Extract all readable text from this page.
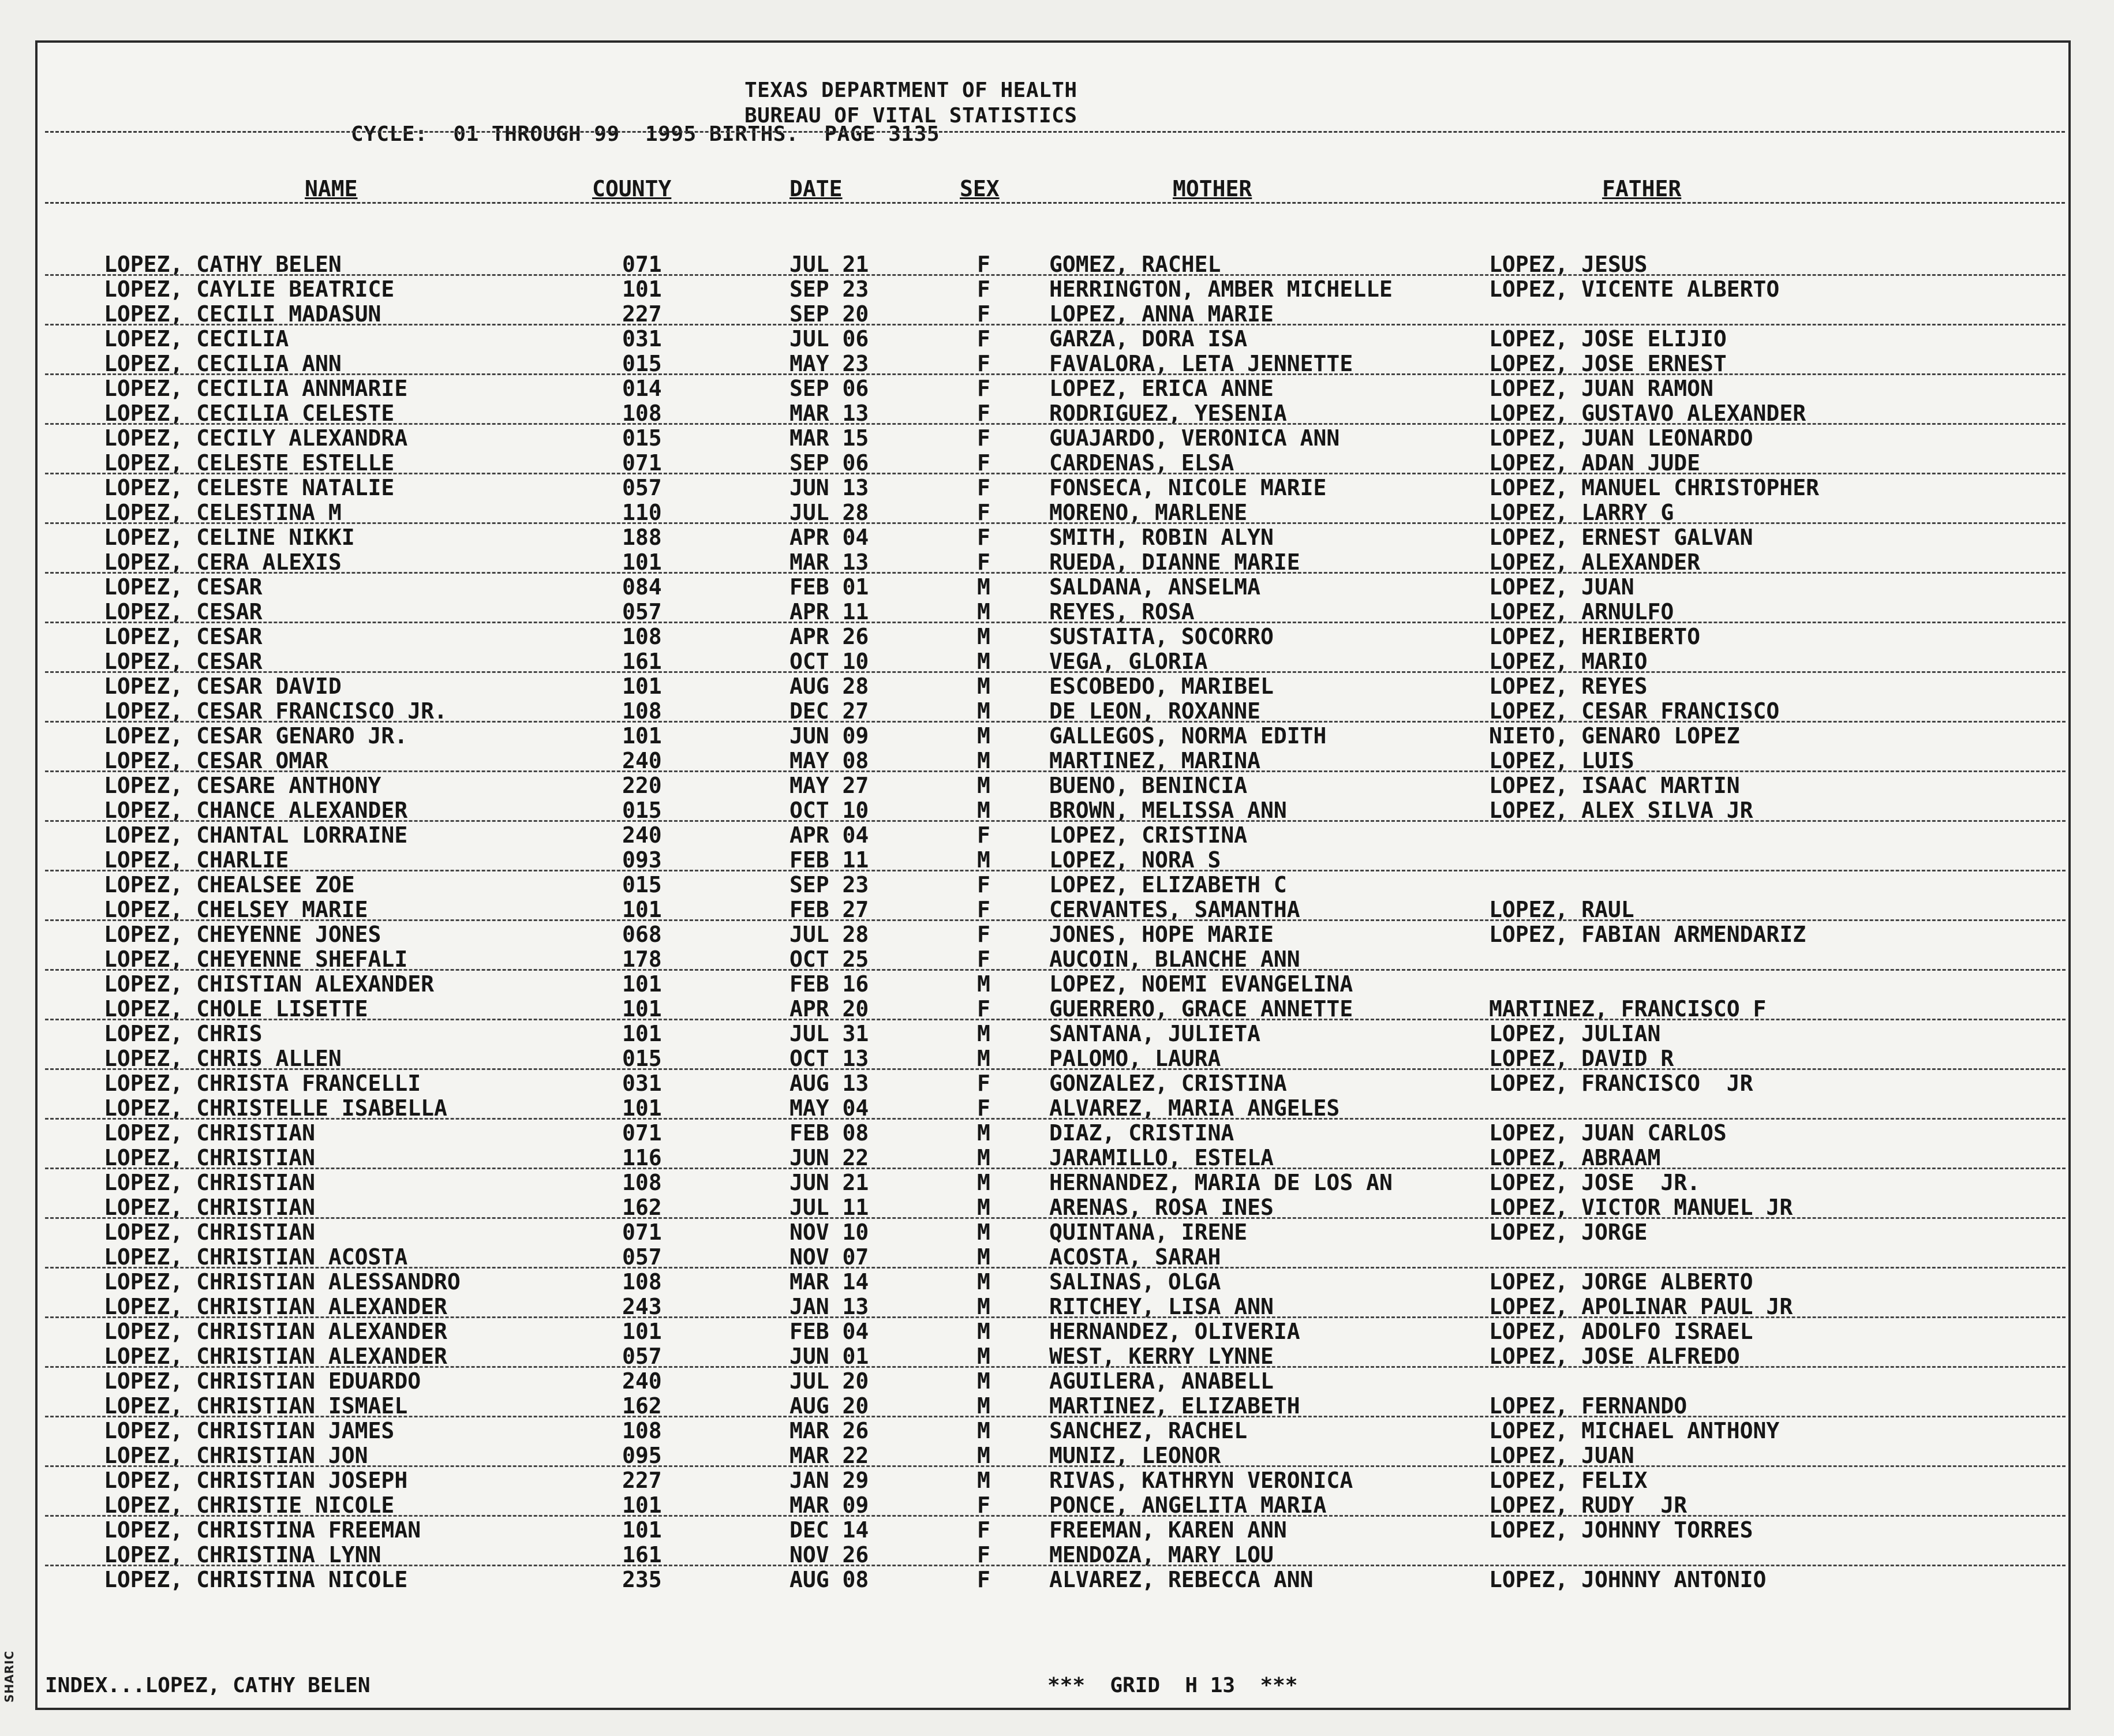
SHARIC
TEXAS DEPARTMENT OF HEALTH
BUREAU OF VITAL STATISTICS
CYCLE:  01 THROUGH 99  1995 BIRTHS.  PAGE 3135
NAME	COUNTY	DATE	SEX	MOTHER	FATHER
LOPEZ, CATHY BELEN	071	JUL 21	F	GOMEZ, RACHEL	LOPEZ, JESUS
LOPEZ, CAYLIE BEATRICE	101	SEP 23	F	HERRINGTON, AMBER MICHELLE	LOPEZ, VICENTE ALBERTO
LOPEZ, CECILI MADASUN	227	SEP 20	F	LOPEZ, ANNA MARIE
LOPEZ, CECILIA	031	JUL 06	F	GARZA, DORA ISA	LOPEZ, JOSE ELIJIO
LOPEZ, CECILIA ANN	015	MAY 23	F	FAVALORA, LETA JENNETTE	LOPEZ, JOSE ERNEST
LOPEZ, CECILIA ANNMARIE	014	SEP 06	F	LOPEZ, ERICA ANNE	LOPEZ, JUAN RAMON
LOPEZ, CECILIA CELESTE	108	MAR 13	F	RODRIGUEZ, YESENIA	LOPEZ, GUSTAVO ALEXANDER
LOPEZ, CECILY ALEXANDRA	015	MAR 15	F	GUAJARDO, VERONICA ANN	LOPEZ, JUAN LEONARDO
LOPEZ, CELESTE ESTELLE	071	SEP 06	F	CARDENAS, ELSA	LOPEZ, ADAN JUDE
LOPEZ, CELESTE NATALIE	057	JUN 13	F	FONSECA, NICOLE MARIE	LOPEZ, MANUEL CHRISTOPHER
LOPEZ, CELESTINA M	110	JUL 28	F	MORENO, MARLENE	LOPEZ, LARRY G
LOPEZ, CELINE NIKKI	188	APR 04	F	SMITH, ROBIN ALYN	LOPEZ, ERNEST GALVAN
LOPEZ, CERA ALEXIS	101	MAR 13	F	RUEDA, DIANNE MARIE	LOPEZ, ALEXANDER
LOPEZ, CESAR	084	FEB 01	M	SALDANA, ANSELMA	LOPEZ, JUAN
LOPEZ, CESAR	057	APR 11	M	REYES, ROSA	LOPEZ, ARNULFO
LOPEZ, CESAR	108	APR 26	M	SUSTAITA, SOCORRO	LOPEZ, HERIBERTO
LOPEZ, CESAR	161	OCT 10	M	VEGA, GLORIA	LOPEZ, MARIO
LOPEZ, CESAR DAVID	101	AUG 28	M	ESCOBEDO, MARIBEL	LOPEZ, REYES
LOPEZ, CESAR FRANCISCO JR.	108	DEC 27	M	DE LEON, ROXANNE	LOPEZ, CESAR FRANCISCO
LOPEZ, CESAR GENARO JR.	101	JUN 09	M	GALLEGOS, NORMA EDITH	NIETO, GENARO LOPEZ
LOPEZ, CESAR OMAR	240	MAY 08	M	MARTINEZ, MARINA	LOPEZ, LUIS
LOPEZ, CESARE ANTHONY	220	MAY 27	M	BUENO, BENINCIA	LOPEZ, ISAAC MARTIN
LOPEZ, CHANCE ALEXANDER	015	OCT 10	M	BROWN, MELISSA ANN	LOPEZ, ALEX SILVA JR
LOPEZ, CHANTAL LORRAINE	240	APR 04	F	LOPEZ, CRISTINA
LOPEZ, CHARLIE	093	FEB 11	M	LOPEZ, NORA S
LOPEZ, CHEALSEE ZOE	015	SEP 23	F	LOPEZ, ELIZABETH C
LOPEZ, CHELSEY MARIE	101	FEB 27	F	CERVANTES, SAMANTHA	LOPEZ, RAUL
LOPEZ, CHEYENNE JONES	068	JUL 28	F	JONES, HOPE MARIE	LOPEZ, FABIAN ARMENDARIZ
LOPEZ, CHEYENNE SHEFALI	178	OCT 25	F	AUCOIN, BLANCHE ANN
LOPEZ, CHISTIAN ALEXANDER	101	FEB 16	M	LOPEZ, NOEMI EVANGELINA
LOPEZ, CHOLE LISETTE	101	APR 20	F	GUERRERO, GRACE ANNETTE	MARTINEZ, FRANCISCO F
LOPEZ, CHRIS	101	JUL 31	M	SANTANA, JULIETA	LOPEZ, JULIAN
LOPEZ, CHRIS ALLEN	015	OCT 13	M	PALOMO, LAURA	LOPEZ, DAVID R
LOPEZ, CHRISTA FRANCELLI	031	AUG 13	F	GONZALEZ, CRISTINA	LOPEZ, FRANCISCO  JR
LOPEZ, CHRISTELLE ISABELLA	101	MAY 04	F	ALVAREZ, MARIA ANGELES
LOPEZ, CHRISTIAN	071	FEB 08	M	DIAZ, CRISTINA	LOPEZ, JUAN CARLOS
LOPEZ, CHRISTIAN	116	JUN 22	M	JARAMILLO, ESTELA	LOPEZ, ABRAAM
LOPEZ, CHRISTIAN	108	JUN 21	M	HERNANDEZ, MARIA DE LOS AN	LOPEZ, JOSE  JR.
LOPEZ, CHRISTIAN	162	JUL 11	M	ARENAS, ROSA INES	LOPEZ, VICTOR MANUEL JR
LOPEZ, CHRISTIAN	071	NOV 10	M	QUINTANA, IRENE	LOPEZ, JORGE
LOPEZ, CHRISTIAN ACOSTA	057	NOV 07	M	ACOSTA, SARAH
LOPEZ, CHRISTIAN ALESSANDRO	108	MAR 14	M	SALINAS, OLGA	LOPEZ, JORGE ALBERTO
LOPEZ, CHRISTIAN ALEXANDER	243	JAN 13	M	RITCHEY, LISA ANN	LOPEZ, APOLINAR PAUL JR
LOPEZ, CHRISTIAN ALEXANDER	101	FEB 04	M	HERNANDEZ, OLIVERIA	LOPEZ, ADOLFO ISRAEL
LOPEZ, CHRISTIAN ALEXANDER	057	JUN 01	M	WEST, KERRY LYNNE	LOPEZ, JOSE ALFREDO
LOPEZ, CHRISTIAN EDUARDO	240	JUL 20	M	AGUILERA, ANABELL
LOPEZ, CHRISTIAN ISMAEL	162	AUG 20	M	MARTINEZ, ELIZABETH	LOPEZ, FERNANDO
LOPEZ, CHRISTIAN JAMES	108	MAR 26	M	SANCHEZ, RACHEL	LOPEZ, MICHAEL ANTHONY
LOPEZ, CHRISTIAN JON	095	MAR 22	M	MUNIZ, LEONOR	LOPEZ, JUAN
LOPEZ, CHRISTIAN JOSEPH	227	JAN 29	M	RIVAS, KATHRYN VERONICA	LOPEZ, FELIX
LOPEZ, CHRISTIE NICOLE	101	MAR 09	F	PONCE, ANGELITA MARIA	LOPEZ, RUDY  JR
LOPEZ, CHRISTINA FREEMAN	101	DEC 14	F	FREEMAN, KAREN ANN	LOPEZ, JOHNNY TORRES
LOPEZ, CHRISTINA LYNN	161	NOV 26	F	MENDOZA, MARY LOU
LOPEZ, CHRISTINA NICOLE	235	AUG 08	F	ALVAREZ, REBECCA ANN	LOPEZ, JOHNNY ANTONIO
INDEX...LOPEZ, CATHY BELEN	***  GRID  H 13  ***
